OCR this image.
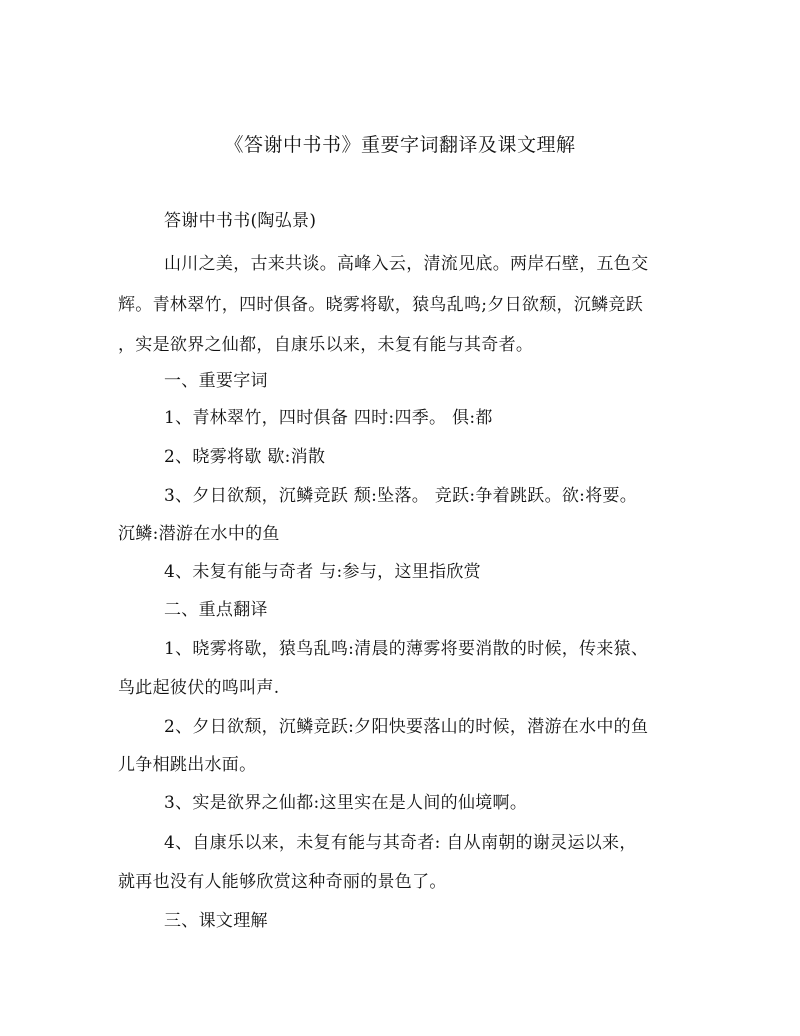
《答谢中书书》重要字词翻译及课文理解
答谢中书书(陶弘景)
山川之美，古来共谈。高峰入云，清流见底。两岸石壁，五色交
辉。青林翠竹，四时俱备。晓雾将歇，猿鸟乱鸣;夕日欲颓，沉鳞竞跃
，实是欲界之仙都，自康乐以来，未复有能与其奇者。
一、重要字词
1、青林翠竹，四时俱备 四时:四季。 俱:都
2、晓雾将歇 歇:消散
3、夕日欲颓，沉鳞竞跃 颓:坠落。 竞跃:争着跳跃。欲:将要。
沉鳞:潜游在水中的鱼
4、未复有能与奇者 与:参与，这里指欣赏
二、重点翻译
1、晓雾将歇，猿鸟乱鸣:清晨的薄雾将要消散的时候，传来猿、
鸟此起彼伏的鸣叫声.
2、夕日欲颓，沉鳞竞跃:夕阳快要落山的时候，潜游在水中的鱼
儿争相跳出水面。
3、实是欲界之仙都:这里实在是人间的仙境啊。
4、自康乐以来，未复有能与其奇者: 自从南朝的谢灵运以来，
就再也没有人能够欣赏这种奇丽的景色了。
三、课文理解
